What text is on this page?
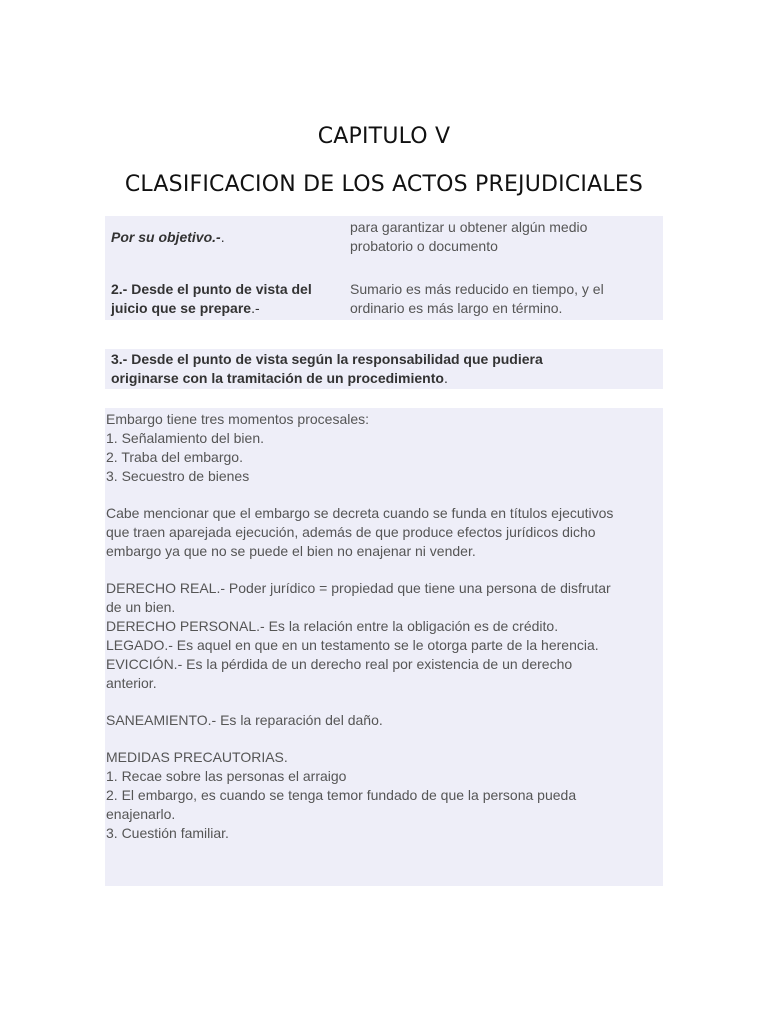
CAPITULO V
CLASIFICACION DE LOS ACTOS PREJUDICIALES
Por su objetivo.-.
para garantizar u obtener algún medio
probatorio o documento
2.- Desde el punto de vista del
juicio que se prepare.-
Sumario es más reducido en tiempo, y el
ordinario es más largo en término.
3.- Desde el punto de vista según la responsabilidad que pudiera
originarse con la tramitación de un procedimiento.
Embargo tiene tres momentos procesales:
1. Señalamiento del bien.
2. Traba del embargo.
3. Secuestro de bienes
Cabe mencionar que el embargo se decreta cuando se funda en títulos ejecutivos
que traen aparejada ejecución, además de que produce efectos jurídicos dicho
embargo ya que no se puede el bien no enajenar ni vender.
DERECHO REAL.- Poder jurídico = propiedad que tiene una persona de disfrutar
de un bien.
DERECHO PERSONAL.- Es la relación entre la obligación es de crédito.
LEGADO.- Es aquel en que en un testamento se le otorga parte de la herencia.
EVICCIÓN.- Es la pérdida de un derecho real por existencia de un derecho
anterior.
SANEAMIENTO.- Es la reparación del daño.
MEDIDAS PRECAUTORIAS.
1. Recae sobre las personas el arraigo
2. El embargo, es cuando se tenga temor fundado de que la persona pueda
enajenarlo.
3. Cuestión familiar.
